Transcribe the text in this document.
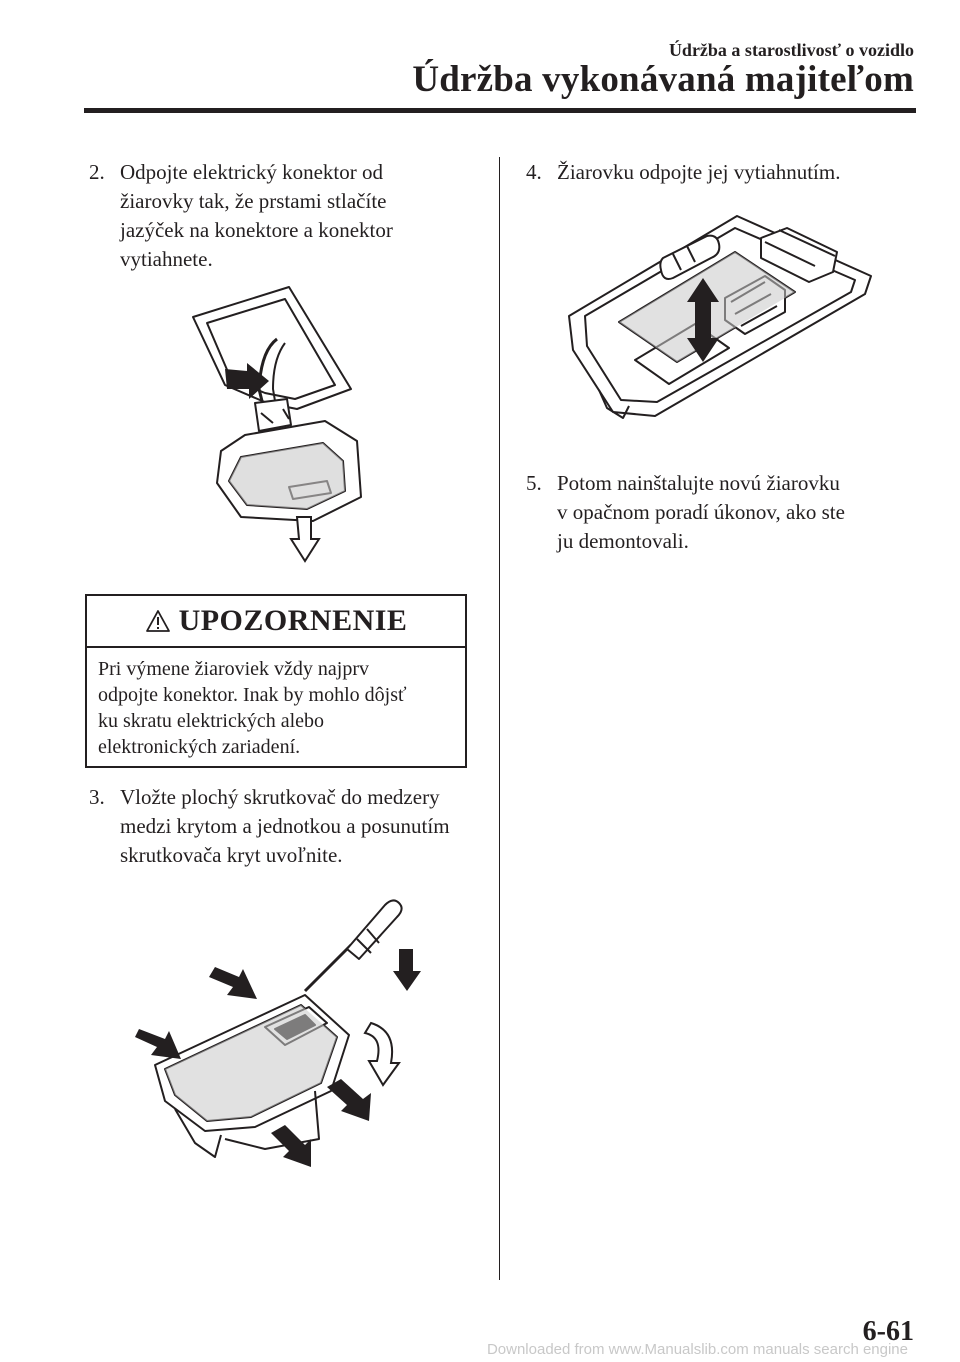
Údržba a starostlivosť o vozidlo
Údržba vykonávaná majiteľom
2. Odpojte elektrický konektor od
žiarovky tak, že prstami stlačíte
jazýček na konektore a konektor
vytiahnete.
UPOZORNENIE
Pri výmene žiaroviek vždy najprv
odpojte konektor. Inak by mohlo dôjsť
ku skratu elektrických alebo
elektronických zariadení.
3. Vložte plochý skrutkovač do medzery
medzi krytom a jednotkou a posunutím
skrutkovača kryt uvoľnite.
4. Žiarovku odpojte jej vytiahnutím.
5. Potom nainštalujte novú žiarovku
v opačnom poradí úkonov, ako ste
ju demontovali.
6-61
Downloaded from www.Manualslib.com manuals search engine
